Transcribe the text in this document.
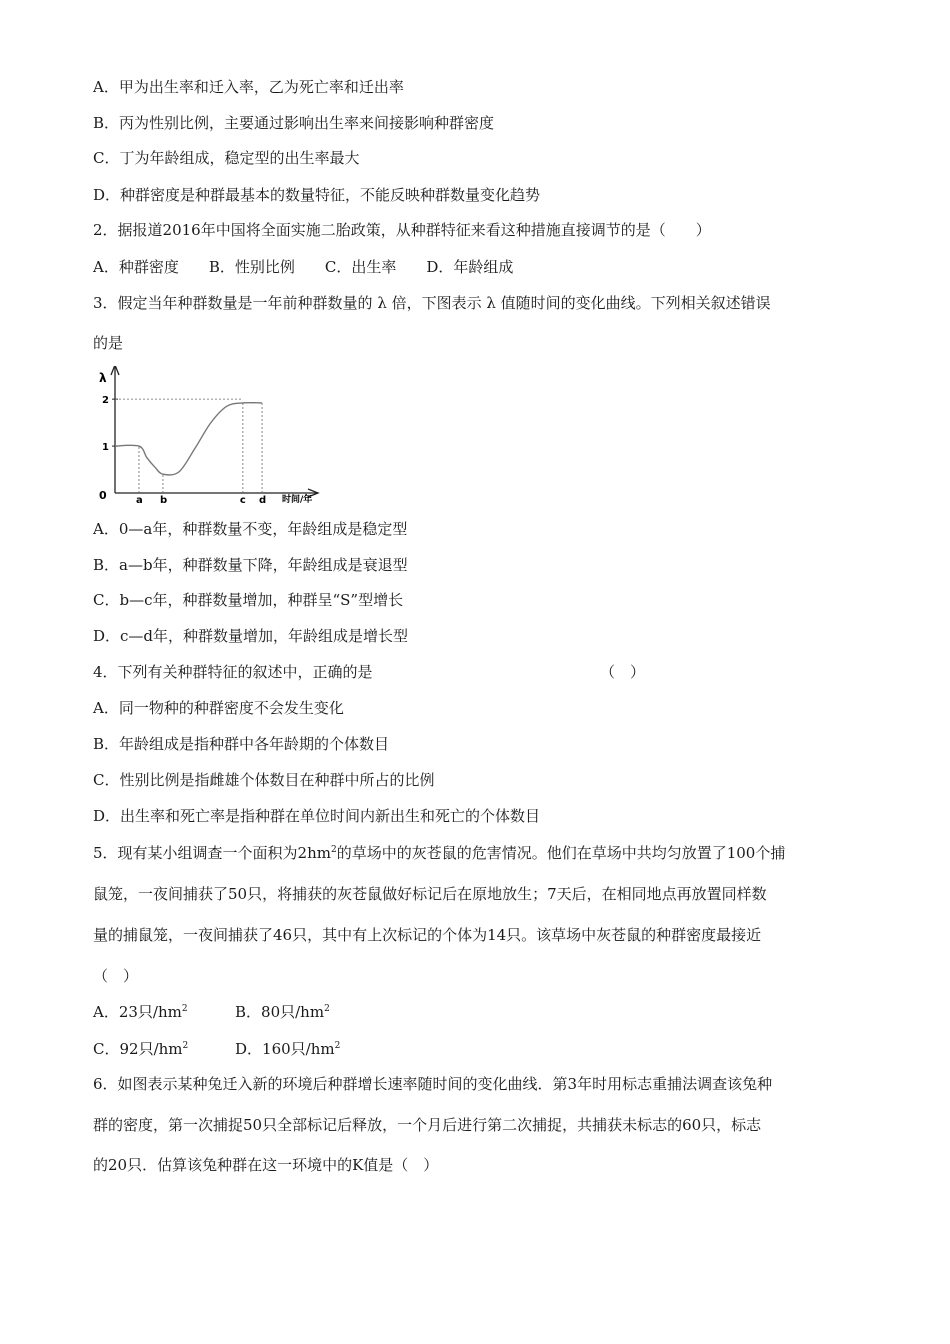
A．甲为出生率和迁入率，乙为死亡率和迁出率
B．丙为性别比例，主要通过影响出生率来间接影响种群密度
C．丁为年龄组成，稳定型的出生率最大
D．种群密度是种群最基本的数量特征，不能反映种群数量变化趋势
2．据报道2016年中国将全面实施二胎政策，从种群特征来看这种措施直接调节的是（　　）
A．种群密度　　B．性别比例　　C．出生率　　D．年龄组成
3．假定当年种群数量是一年前种群数量的 λ 倍，下图表示 λ 值随时间的变化曲线。下列相关叙述错误
的是
λ
0	时间/年
1
2
a b	c d
A．0—a年，种群数量不变，年龄组成是稳定型
B．a—b年，种群数量下降，年龄组成是衰退型
C．b—c年，种群数量增加，种群呈“S”型增长
D．c—d年，种群数量增加，年龄组成是增长型
4．下列有关种群特征的叙述中，正确的是	（　）
A．同一物种的种群密度不会发生变化
B．年龄组成是指种群中各年龄期的个体数目
C．性别比例是指雌雄个体数目在种群中所占的比例
D．出生率和死亡率是指种群在单位时间内新出生和死亡的个体数目
5．现有某小组调查一个面积为$2hm^2$的草场中的灰苍鼠的危害情况。他们在草场中共均匀放置了100个捕
鼠笼，一夜间捕获了50只，将捕获的灰苍鼠做好标记后在原地放生；7天后，在相同地点再放置同样数
量的捕鼠笼，一夜间捕获了46只，其中有上次标记的个体为14只。该草场中灰苍鼠的种群密度最接近
（　）
A．23只$/hm^2$	B．80只$/hm^2$
C．92只$/hm^2$	D．160只$/hm^2$
6．如图表示某种兔迁入新的环境后种群增长速率随时间的变化曲线．第3年时用标志重捕法调查该兔种
群的密度，第一次捕捉50只全部标记后释放，一个月后进行第二次捕捉，共捕获未标志的60只，标志
的20只．估算该兔种群在这一环境中的K值是（　）
